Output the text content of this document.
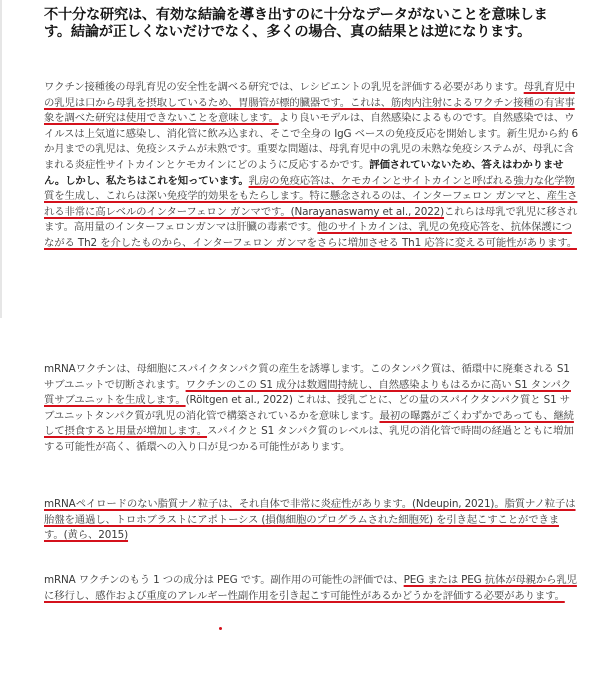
不十分な研究は、有効な結論を導き出すのに十分なデータがないことを意味します。結論が正しくないだけでなく、多くの場合、真の結果とは逆になります。
ワクチン接種後の母乳育児の安全性を調べる研究では、レシピエントの乳児を評価する必要があります。母乳育児中の乳児は口から母乳を摂取しているため、胃腸管が標的臓器です。これは、筋肉内注射によるワクチン接種の有害事象を調べた研究は使用できないことを意味します。より良いモデルは、自然感染によるものです。自然感染では、ウイルスは上気道に感染し、消化管に飲み込まれ、そこで全身の IgG ベースの免疫反応を開始します。新生児から約 6 か月までの乳児は、免疫システムが未熟です。重要な問題は、母乳育児中の乳児の未熟な免疫システムが、母乳に含まれる炎症性サイトカインとケモカインにどのように反応するかです。評価されていないため、答えはわかりません。しかし、私たちはこれを知っています。乳房の免疫応答は、ケモカインとサイトカインと呼ばれる強力な化学物質を生成し、これらは深い免疫学的効果をもたらします。特に懸念されるのは、インターフェロン ガンマと、産生される非常に高レベルのインターフェロン ガンマです。(Narayanaswamy et al., 2022)これらは母乳で乳児に移されます。高用量のインターフェロンガンマは肝臓の毒素です。他のサイトカインは、乳児の免疫応答を、抗体保護につながる Th2 を介したものから、インターフェロン ガンマをさらに増加させる Th1 応答に変える可能性があります。
mRNAワクチンは、母細胞にスパイクタンパク質の産生を誘導します。このタンパク質は、循環中に廃棄される S1 サブユニットで切断されます。ワクチンのこの S1 成分は数週間持続し、自然感染よりもはるかに高い S1 タンパク質サブユニットを生成します。(Röltgen et al., 2022) これは、授乳ごとに、どの量のスパイクタンパク質と S1 サブユニットタンパク質が乳児の消化管で構築されているかを意味します。最初の曝露がごくわずかであっても、継続して摂食すると用量が増加します。スパイクと S1 タンパク質のレベルは、乳児の消化管で時間の経過とともに増加する可能性が高く、循環への入り口が見つかる可能性があります。
mRNAペイロードのない脂質ナノ粒子は、それ自体で非常に炎症性があります。(Ndeupin, 2021)。脂質ナノ粒子は胎盤を通過し、トロホブラストにアポトーシス (損傷細胞のプログラムされた細胞死) を引き起こすことができます。(黄ら、2015)
mRNA ワクチンのもう 1 つの成分は PEG です。副作用の可能性の評価では、PEG または PEG 抗体が母親から乳児に移行し、感作および重度のアレルギー性副作用を引き起こす可能性があるかどうかを評価する必要があります。
